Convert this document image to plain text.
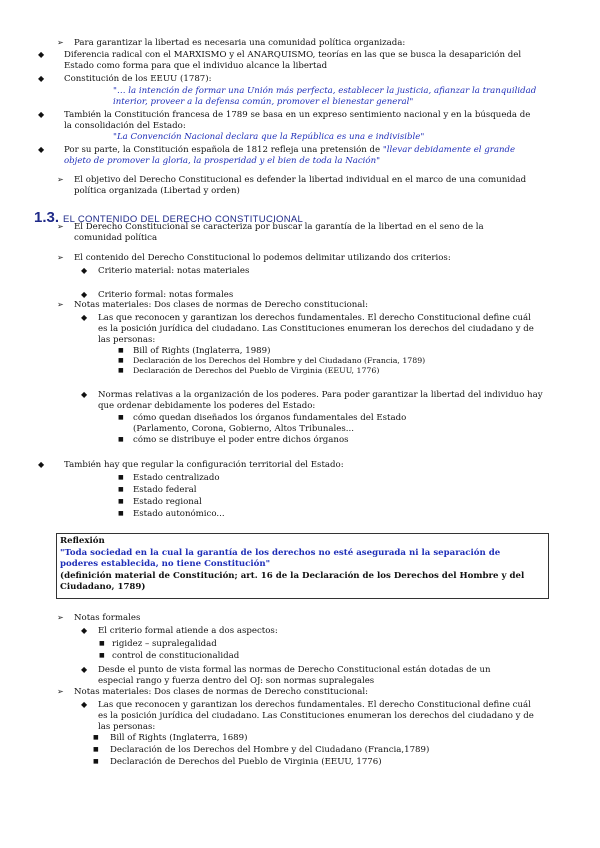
➢ Para garantizar la libertad es necesaria una comunidad política organizada:
◆ Diferencia radical con el MARXISMO y el ANARQUISMO, teorías en las que se busca la desaparición del
Estado como forma para que el individuo alcance la libertad
◆ Constitución de los EEUU (1787):
"… la intención de formar una Unión más perfecta, establecer la justicia, afianzar la tranquilidad
interior, proveer a la defensa común, promover el bienestar general"
◆ También la Constitución francesa de 1789 se basa en un expreso sentimiento nacional y en la búsqueda de
la consolidación del Estado:
"La Convención Nacional declara que la República es una e indivisible"
◆ Por su parte, la Constitución española de 1812 refleja una pretensión de "llevar debidamente el grande
objeto de promover la gloria, la prosperidad y el bien de toda la Nación"
➢ El objetivo del Derecho Constitucional es defender la libertad individual en el marco de una comunidad
política organizada (Libertad y orden)
1.3. EL CONTENIDO DEL DERECHO CONSTITUCIONAL
➢ El Derecho Constitucional se caracteriza por buscar la garantía de la libertad en el seno de la
comunidad política
➢ El contenido del Derecho Constitucional lo podemos delimitar utilizando dos criterios:
◆ Criterio material: notas materiales
◆ Criterio formal: notas formales
➢ Notas materiales: Dos clases de normas de Derecho constitucional:
◆ Las que reconocen y garantizan los derechos fundamentales. El derecho Constitucional define cuál
es la posición jurídica del ciudadano. Las Constituciones enumeran los derechos del ciudadano y de
las personas:
■ Bill of Rights (Inglaterra, 1989)
■ Declaración de los Derechos del Hombre y del Ciudadano (Francia, 1789)
■ Declaración de Derechos del Pueblo de Virginia (EEUU, 1776)
◆ Normas relativas a la organización de los poderes. Para poder garantizar la libertad del individuo hay
que ordenar debidamente los poderes del Estado:
■ cómo quedan diseñados los órganos fundamentales del Estado
(Parlamento, Corona, Gobierno, Altos Tribunales...
■ cómo se distribuye el poder entre dichos órganos
◆ También hay que regular la configuración territorial del Estado:
■ Estado centralizado
■ Estado federal
■ Estado regional
■ Estado autonómico...
Reflexión
"Toda sociedad en la cual la garantía de los derechos no esté asegurada ni la separación de
poderes establecida, no tiene Constitución"
(definición material de Constitución; art. 16 de la Declaración de los Derechos del Hombre y del
Ciudadano, 1789)
➢ Notas formales
◆ El criterio formal atiende a dos aspectos:
■ rigidez – supralegalidad
■ control de constitucionalidad
◆ Desde el punto de vista formal las normas de Derecho Constitucional están dotadas de un
especial rango y fuerza dentro del OJ: son normas supralegales
➢ Notas materiales: Dos clases de normas de Derecho constitucional:
◆ Las que reconocen y garantizan los derechos fundamentales. El derecho Constitucional define cuál
es la posición jurídica del ciudadano. Las Constituciones enumeran los derechos del ciudadano y de
las personas:
■ Bill of Rights (Inglaterra, 1689)
■ Declaración de los Derechos del Hombre y del Ciudadano (Francia,1789)
■ Declaración de Derechos del Pueblo de Virginia (EEUU, 1776)
